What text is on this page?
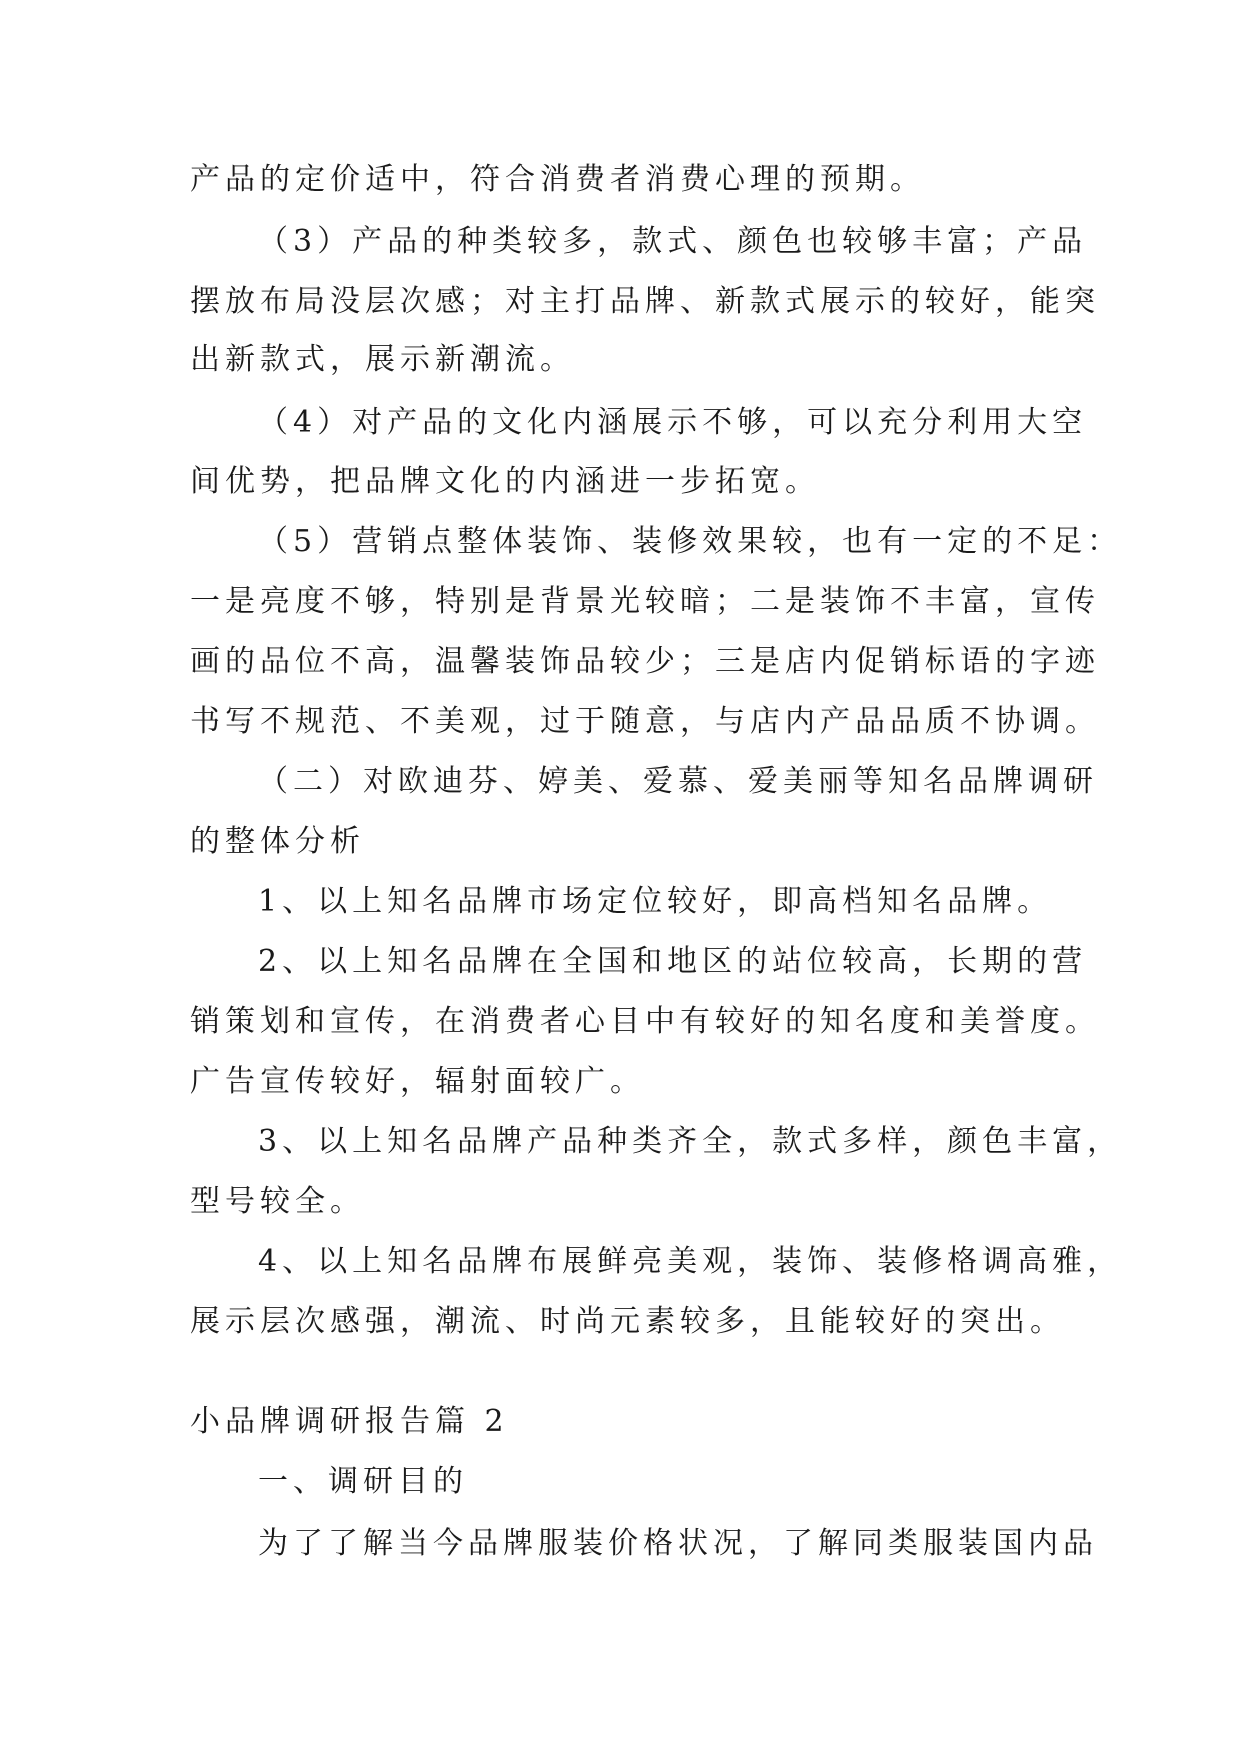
产品的定价适中，符合消费者消费心理的预期。
（3）产品的种类较多，款式、颜色也较够丰富；产品
摆放布局没层次感；对主打品牌、新款式展示的较好，能突
出新款式，展示新潮流。
（4）对产品的文化内涵展示不够，可以充分利用大空
间优势，把品牌文化的内涵进一步拓宽。
（5）营销点整体装饰、装修效果较，也有一定的不足：
一是亮度不够，特别是背景光较暗；二是装饰不丰富，宣传
画的品位不高，温馨装饰品较少；三是店内促销标语的字迹
书写不规范、不美观，过于随意，与店内产品品质不协调。
（二）对欧迪芬、婷美、爱慕、爱美丽等知名品牌调研
的整体分析
1、以上知名品牌市场定位较好，即高档知名品牌。
2、以上知名品牌在全国和地区的站位较高，长期的营
销策划和宣传，在消费者心目中有较好的知名度和美誉度。
广告宣传较好，辐射面较广。
3、以上知名品牌产品种类齐全，款式多样，颜色丰富，
型号较全。
4、以上知名品牌布展鲜亮美观，装饰、装修格调高雅，
展示层次感强，潮流、时尚元素较多，且能较好的突出。
小品牌调研报告篇 2
一、调研目的
为了了解当今品牌服装价格状况，了解同类服装国内品
